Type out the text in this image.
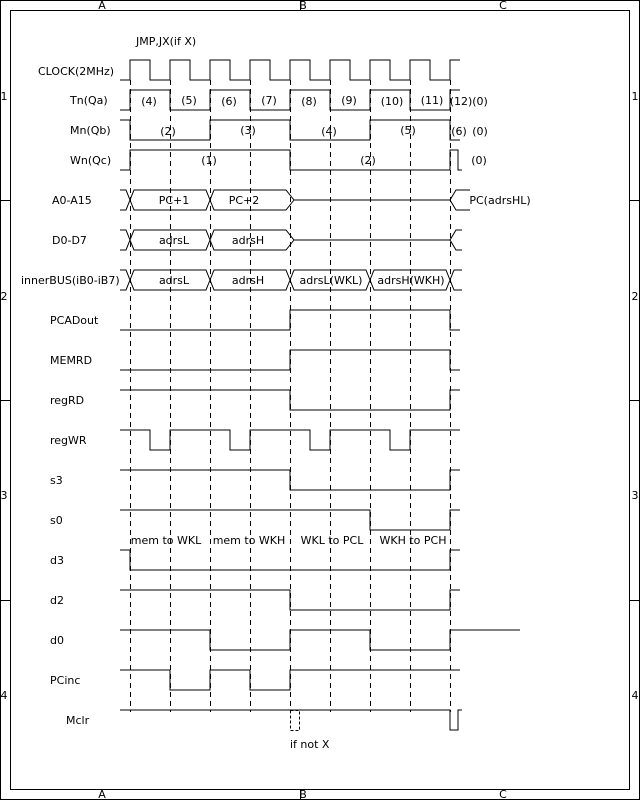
A	B	C
A	B	C
1
2
3
4
1
2
3
4
JMP,JX(if X)
CLOCK(2MHz)
Tn(Qa)
Mn(Qb)
Wn(Qc)
A0-A15
D0-D7
innerBUS(iB0-iB7)
PCADout
MEMRD
regRD
regWR
s3
s0
d3
d2
d0
PCinc
Mclr
(4) (5) (6) (7) (8) (9) (10) (11) (12) (0)
(2)	(3)	(4)	(5)	(6) (0)
(1)	(2)	(0)
PC+1	PC+2	PC(adrsHL)
adrsL	adrsH
adrsL	adrsH	adrsL(WKL) adrsH(WKH)
mem to WKL mem to WKH WKL to PCL WKH to PCH
if not X
